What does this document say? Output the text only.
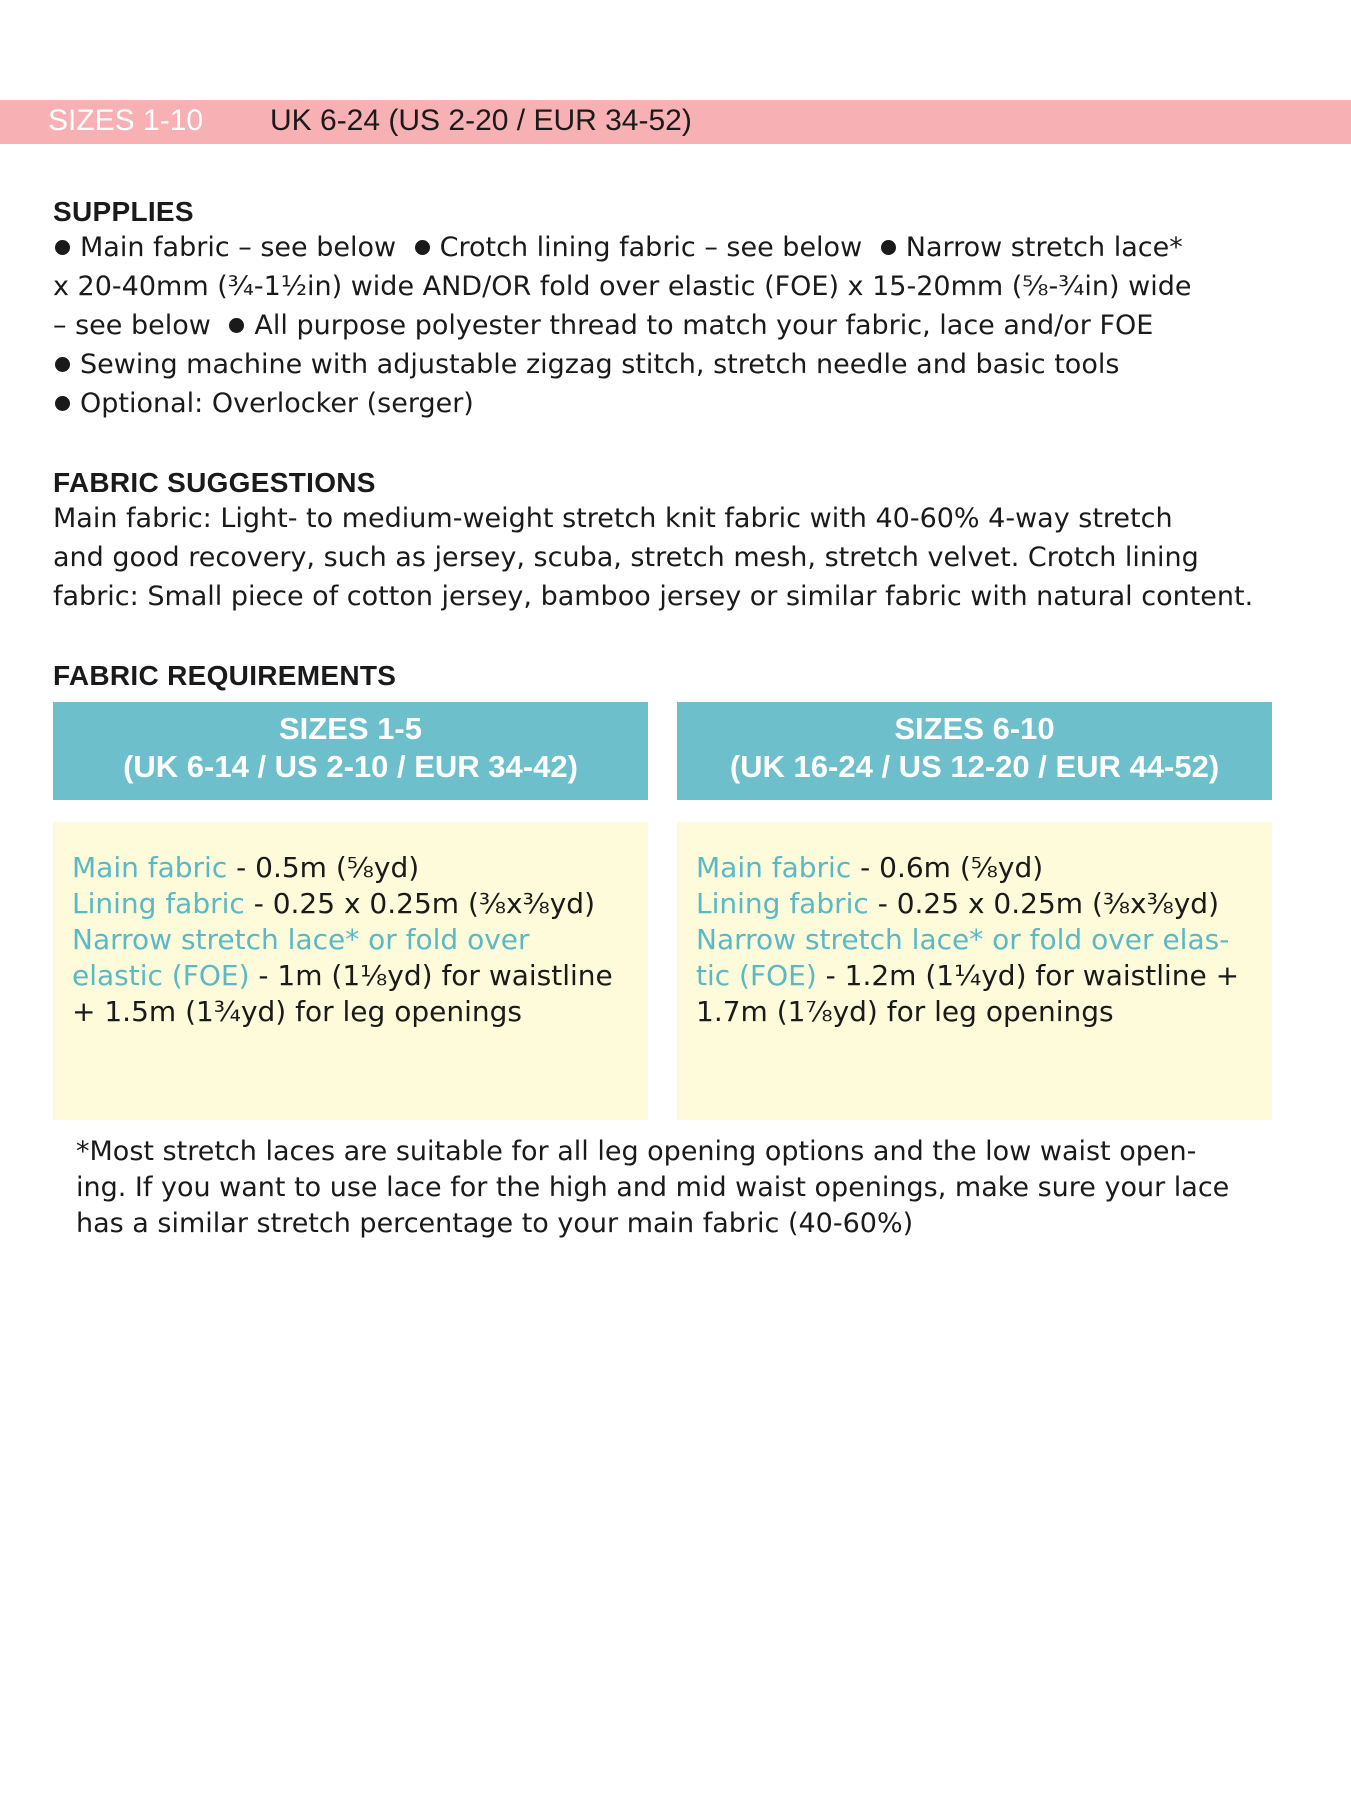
SIZES 1-10 UK 6-24 (US 2-20 / EUR 34-52)
SUPPLIES

Main fabric – see below Crotch lining fabric – see below Narrow stretch lace*
x 20-40mm (¾-1½in) wide AND/OR fold over elastic (FOE) x 15-20mm (⅝-¾in) wide
– see below All purpose polyester thread to match your fabric, lace and/or FOE
Sewing machine with adjustable zigzag stitch, stretch needle and basic tools
Optional: Overlocker (serger)

FABRIC SUGGESTIONS

Main fabric: Light- to medium-weight stretch knit fabric with 40-60% 4-way stretch
and good recovery, such as jersey, scuba, stretch mesh, stretch velvet. Crotch lining
fabric: Small piece of cotton jersey, bamboo jersey or similar fabric with natural content.

FABRIC REQUIREMENTS
SIZES 1-5
(UK 6-14 / US 2-10 / EUR 34-42)
SIZES 6-10
(UK 16-24 / US 12-20 / EUR 44-52)
Main fabric - 0.5m (⅝yd)
Lining fabric - 0.25 x 0.25m (⅜x⅜yd)
Narrow stretch lace* or fold over
elastic (FOE) - 1m (1⅛yd) for waistline
+ 1.5m (1¾yd) for leg openings
Main fabric - 0.6m (⅝yd)
Lining fabric - 0.25 x 0.25m (⅜x⅜yd)
Narrow stretch lace* or fold over elas-
tic (FOE) - 1.2m (1¼yd) for waistline +
1.7m (1⅞yd) for leg openings
*Most stretch laces are suitable for all leg opening options and the low waist open-
ing. If you want to use lace for the high and mid waist openings, make sure your lace
has a similar stretch percentage to your main fabric (40-60%)
